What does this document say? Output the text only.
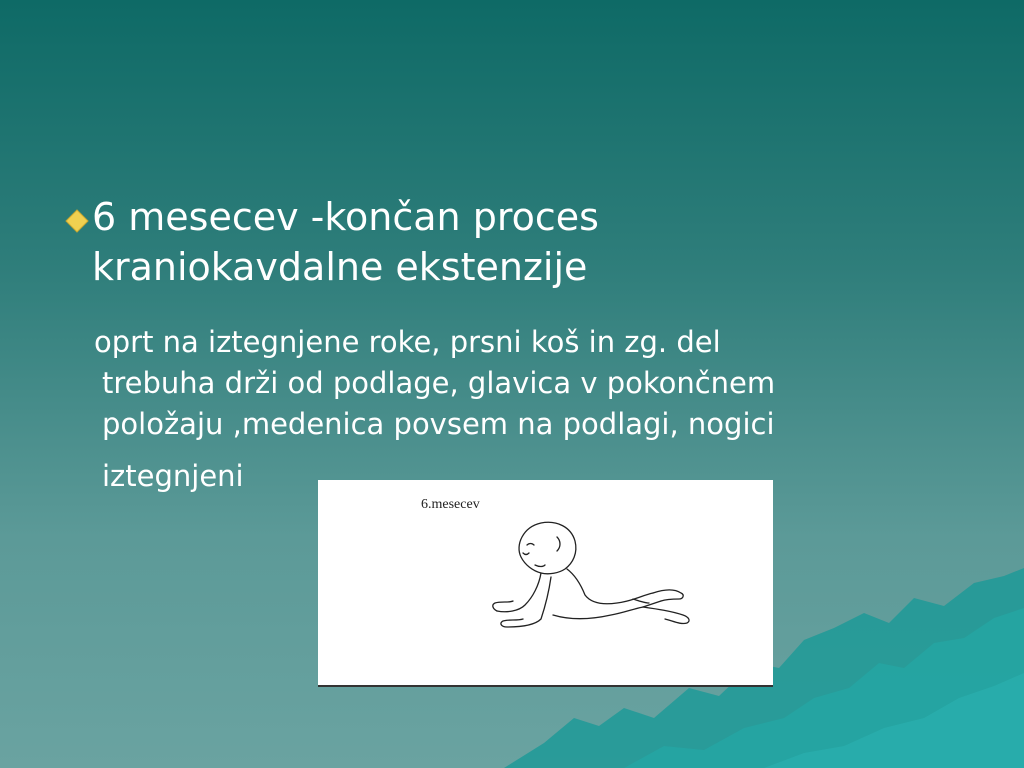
6 mesecev -končan proces
kraniokavdalne ekstenzije

oprt na iztegnjene roke, prsni koš in zg. del
trebuha drži od podlage, glavica v pokončnem
položaju ,medenica povsem na podlagi, nogici

iztegnjeni

6.mesecev
